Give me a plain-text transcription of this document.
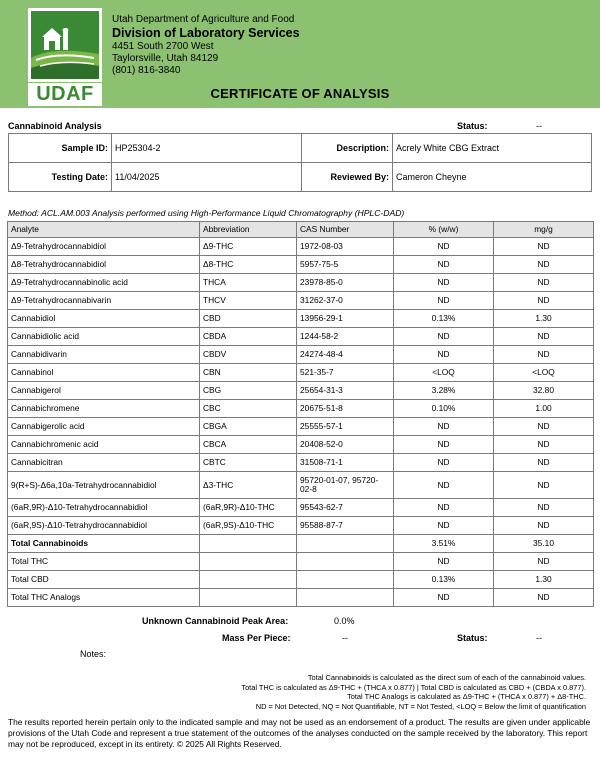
UDAF
Utah Department of Agriculture and Food
Division of Laboratory Services
4451 South 2700 West
Taylorsville, Utah 84129
(801) 816-3840
CERTIFICATE OF ANALYSIS
Cannabinoid Analysis	Status:	--
Sample ID:	HP25304-2	Description:	Acrely White CBG Extract
Testing Date:	11/04/2025	Reviewed By:	Cameron Cheyne
Method: ACL.AM.003 Analysis performed using High-Performance Liquid Chromatography (HPLC-DAD)
Analyte	Abbreviation	CAS Number	% (w/w)	mg/g
Δ9-Tetrahydrocannabidiol	Δ9-THC	1972-08-03	ND	ND
Δ8-Tetrahydrocannabidiol	Δ8-THC	5957-75-5	ND	ND
Δ9-Tetrahydrocannabinolic acid	THCA	23978-85-0	ND	ND
Δ9-Tetrahydrocannabivarin	THCV	31262-37-0	ND	ND
Cannabidiol	CBD	13956-29-1	0.13%	1.30
Cannabidiolic acid	CBDA	1244-58-2	ND	ND
Cannabidivarin	CBDV	24274-48-4	ND	ND
Cannabinol	CBN	521-35-7	<LOQ	<LOQ
Cannabigerol	CBG	25654-31-3	3.28%	32.80
Cannabichromene	CBC	20675-51-8	0.10%	1.00
Cannabigerolic acid	CBGA	25555-57-1	ND	ND
Cannabichromenic acid	CBCA	20408-52-0	ND	ND
Cannabicitran	CBTC	31508-71-1	ND	ND
9(R+S)-Δ6a,10a-Tetrahydrocannabidiol	Δ3-THC	95720-01-07, 95720-02-8	ND	ND
(6aR,9R)-Δ10-Tetrahydrocannabidiol	(6aR,9R)-Δ10-THC	95543-62-7	ND	ND
(6aR,9S)-Δ10-Tetrahydrocannabidiol	(6aR,9S)-Δ10-THC	95588-87-7	ND	ND
Total Cannabinoids			3.51%	35.10
Total THC			ND	ND
Total CBD			0.13%	1.30
Total THC Analogs			ND	ND
Unknown Cannabinoid Peak Area:	0.0%
Mass Per Piece:	--	Status:	--
Notes:
Total Cannabinoids is calculated as the direct sum of each of the cannabinoid values.
Total THC is calculated as Δ9-THC + (THCA x 0.877) | Total CBD is calculated as CBD + (CBDA x 0.877).
Total THC Analogs is calculated as Δ9-THC + (THCA x 0.877) + Δ8-THC.
ND = Not Detected, NQ = Not Quantifiable, NT = Not Tested, <LOQ = Below the limit of quantification
The results reported herein pertain only to the indicated sample and may not be used as an endorsement of a product. The results are given under applicable provisions of the Utah Code and represent a true statement of the outcomes of the analyses conducted on the sample received by the laboratory. This report may not be reproduced, except in its entirety. © 2025 All Rights Reserved.
